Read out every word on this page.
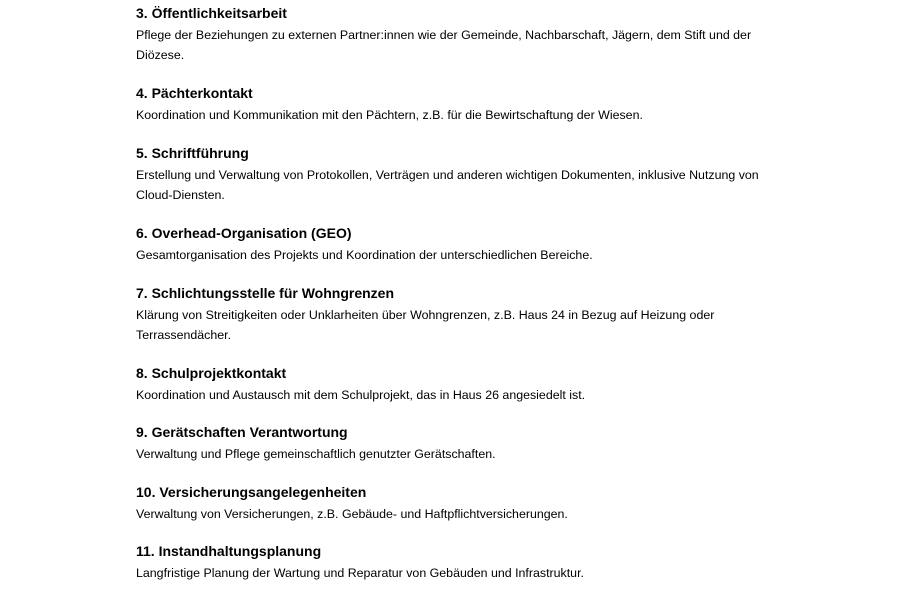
3. Öffentlichkeitsarbeit

Pflege der Beziehungen zu externen Partner:innen wie der Gemeinde, Nachbarschaft, Jägern, dem Stift und der Diözese.

4. Pächterkontakt

Koordination und Kommunikation mit den Pächtern, z.B. für die Bewirtschaftung der Wiesen.

5. Schriftführung

Erstellung und Verwaltung von Protokollen, Verträgen und anderen wichtigen Dokumenten, inklusive Nutzung von Cloud-Diensten.

6. Overhead-Organisation (GEO)

Gesamtorganisation des Projekts und Koordination der unterschiedlichen Bereiche.

7. Schlichtungsstelle für Wohngrenzen

Klärung von Streitigkeiten oder Unklarheiten über Wohngrenzen, z.B. Haus 24 in Bezug auf Heizung oder Terrassendächer.

8. Schulprojektkontakt

Koordination und Austausch mit dem Schulprojekt, das in Haus 26 angesiedelt ist.

9. Gerätschaften Verantwortung

Verwaltung und Pflege gemeinschaftlich genutzter Gerätschaften.

10. Versicherungsangelegenheiten

Verwaltung von Versicherungen, z.B. Gebäude- und Haftpflichtversicherungen.

11. Instandhaltungsplanung

Langfristige Planung der Wartung und Reparatur von Gebäuden und Infrastruktur.
